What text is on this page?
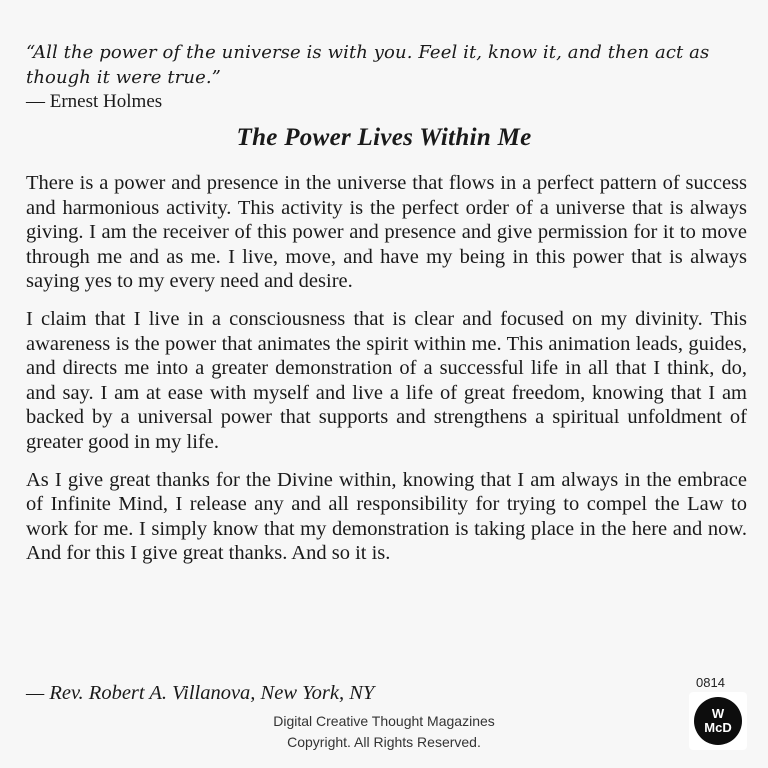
“All the power of the universe is with you. Feel it, know it, and then act as though it were true.”

— Ernest Holmes

The Power Lives Within Me

There is a power and presence in the universe that flows in a perfect pattern of success and harmonious activity. This activity is the perfect order of a universe that is always giving. I am the receiver of this power and presence and give permission for it to move through me and as me. I live, move, and have my being in this power that is always saying yes to my every need and desire.

I claim that I live in a consciousness that is clear and focused on my divinity. This awareness is the power that animates the spirit within me. This animation leads, guides, and directs me into a greater demonstration of a successful life in all that I think, do, and say. I am at ease with myself and live a life of great freedom, knowing that I am backed by a universal power that supports and strengthens a spiritual unfoldment of greater good in my life.

As I give great thanks for the Divine within, knowing that I am always in the embrace of Infinite Mind, I release any and all responsibility for trying to compel the Law to work for me. I simply know that my demonstration is taking place in the here and now. And for this I give great thanks. And so it is.

— Rev. Robert A. Villanova, New York, NY

Digital Creative Thought Magazines
Copyright. All Rights Reserved.
0814
W
McD
